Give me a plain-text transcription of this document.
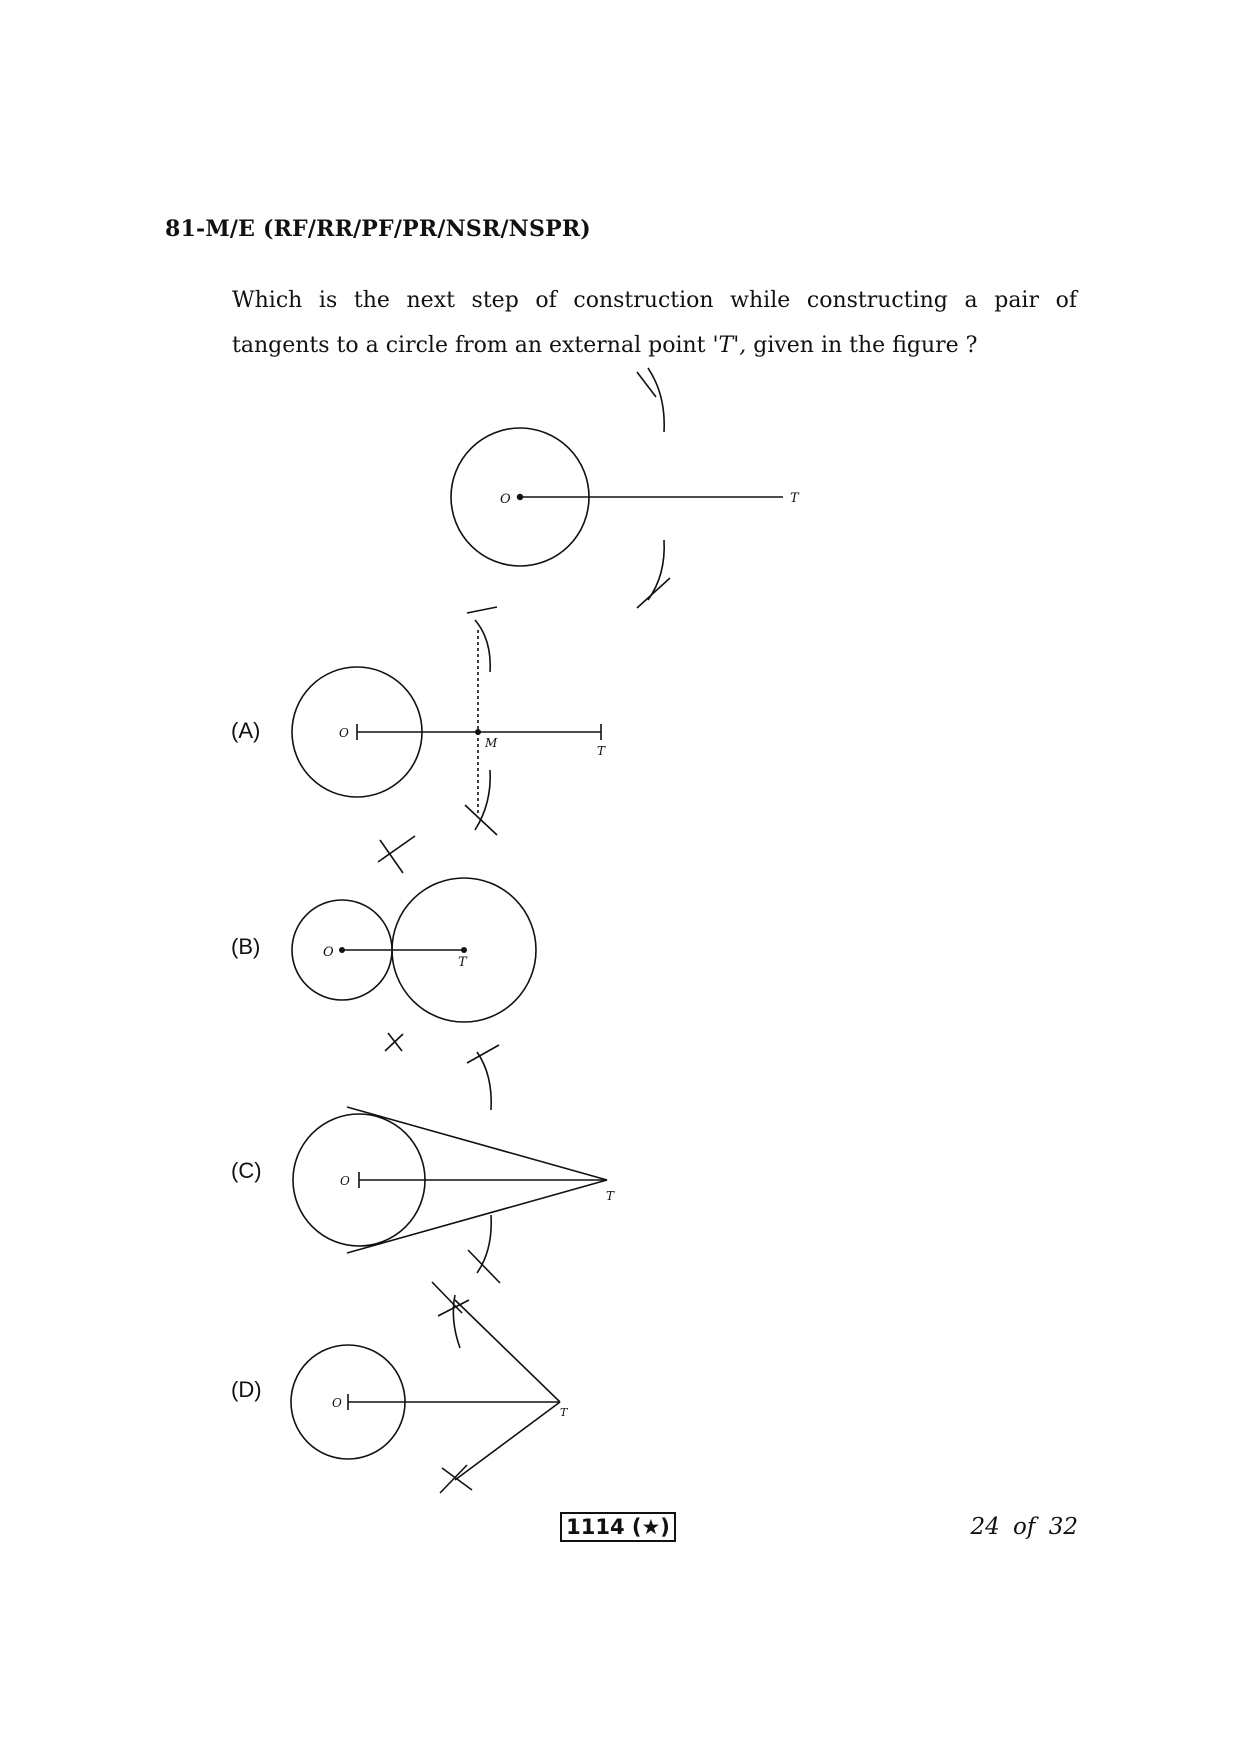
81-M/E (RF/RR/PF/PR/NSR/NSPR)
Which is the next step of construction while constructing a pair of
tangents to a circle from an external point 'T', given in the figure ?
O	T
O
M
T
O
T
O
T
O
T
(A)
(B)
(C)
(D)
1114 (★)	24 of 32
